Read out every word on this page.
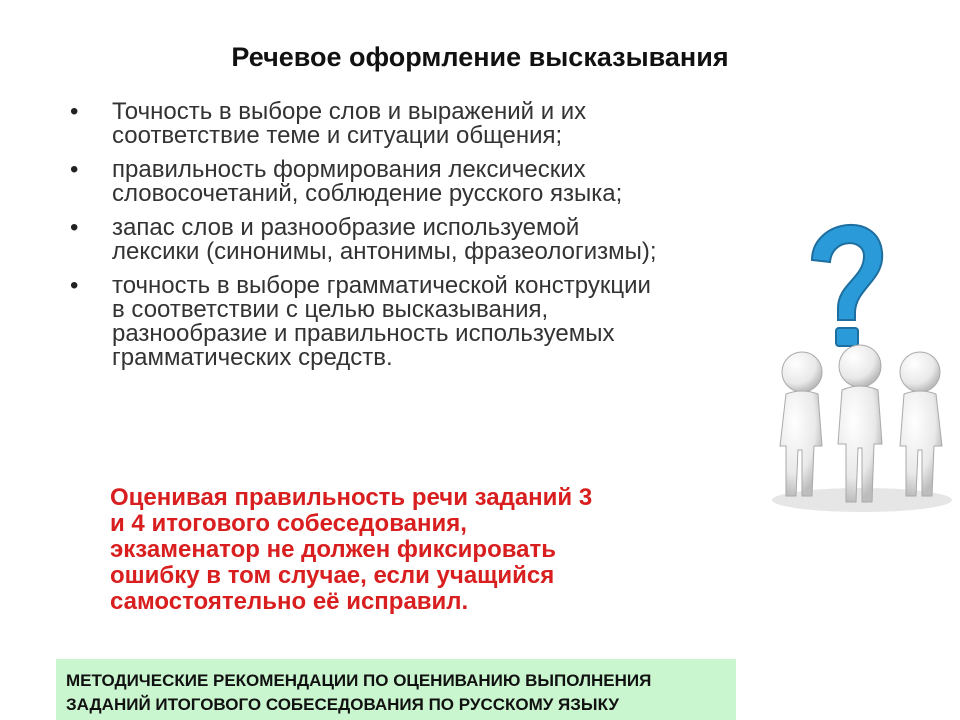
Речевое оформление высказывания
• Точность в выборе слов и выражений и их соответствие теме и ситуации общения;
• правильность формирования лексических словосочетаний, соблюдение русского языка;
• запас слов и разнообразие используемой лексики (синонимы, антонимы, фразеологизмы);
• точность в выборе грамматической конструкции в соответствии с целью высказывания, разнообразие и правильность используемых грамматических средств.
Оценивая правильность речи заданий 3
и 4 итогового собеседования,
экзаменатор не должен фиксировать
ошибку в том случае, если учащийся
самостоятельно её исправил.
МЕТОДИЧЕСКИЕ РЕКОМЕНДАЦИИ ПО ОЦЕНИВАНИЮ ВЫПОЛНЕНИЯ
ЗАДАНИЙ ИТОГОВОГО СОБЕСЕДОВАНИЯ ПО РУССКОМУ ЯЗЫКУ
